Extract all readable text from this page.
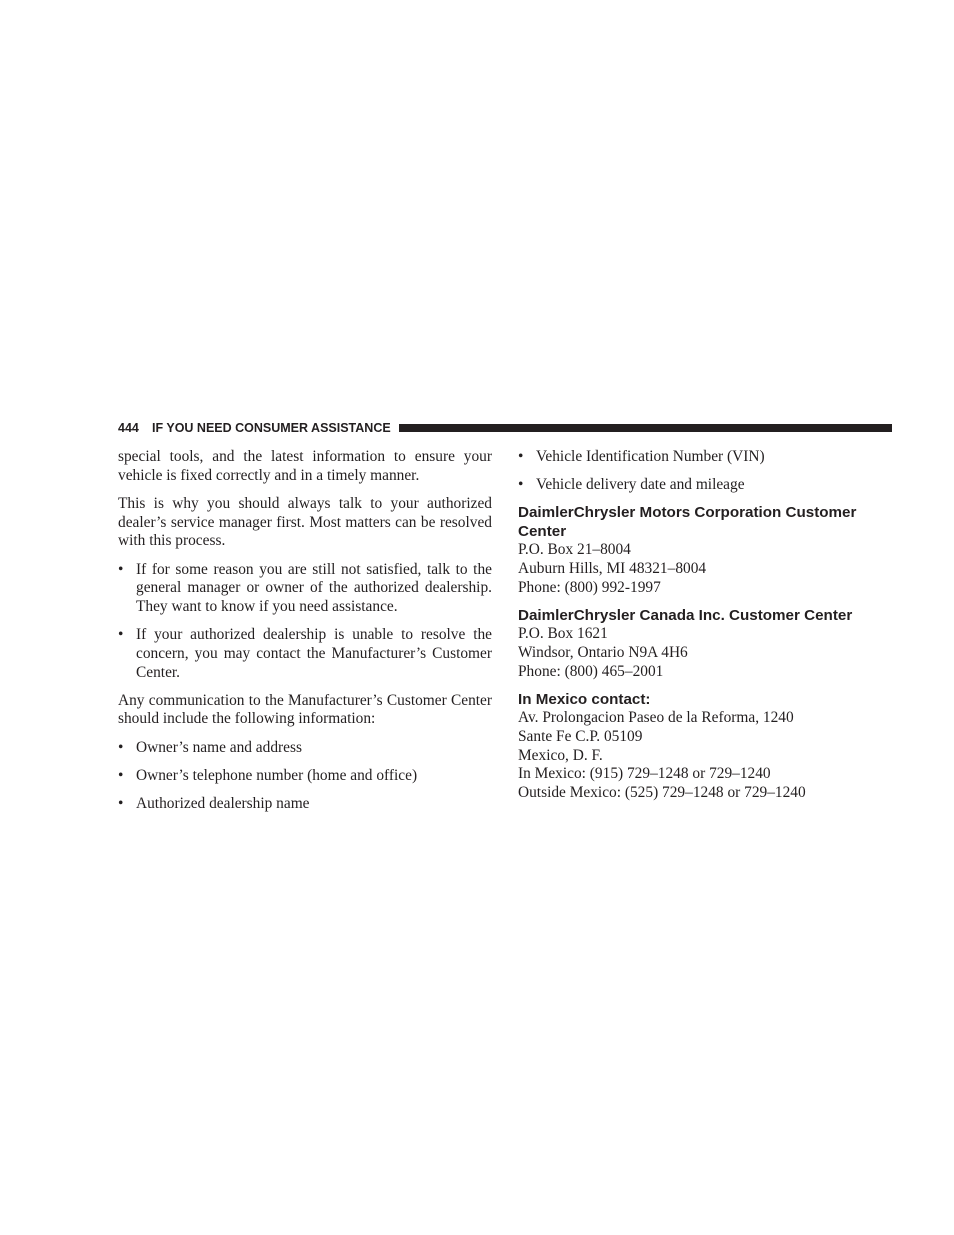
444 IF YOU NEED CONSUMER ASSISTANCE

special tools, and the latest information to ensure your vehicle is fixed correctly and in a timely manner.

This is why you should always talk to your authorized dealer’s service manager first. Most matters can be resolved with this process.

• If for some reason you are still not satisfied, talk to the general manager or owner of the authorized dealership. They want to know if you need assistance.
• If your authorized dealership is unable to resolve the concern, you may contact the Manufacturer’s Customer Center.

Any communication to the Manufacturer’s Customer Center should include the following information:

• Owner’s name and address
• Owner’s telephone number (home and office)
• Authorized dealership name
• Vehicle Identification Number (VIN)
• Vehicle delivery date and mileage
DaimlerChrysler Motors Corporation Customer Center
P.O. Box 21–8004
Auburn Hills, MI 48321–8004
Phone: (800) 992-1997
DaimlerChrysler Canada Inc. Customer Center
P.O. Box 1621
Windsor, Ontario N9A 4H6
Phone: (800) 465–2001
In Mexico contact:
Av. Prolongacion Paseo de la Reforma, 1240
Sante Fe C.P. 05109
Mexico, D. F.
In Mexico: (915) 729–1248 or 729–1240
Outside Mexico: (525) 729–1248 or 729–1240
